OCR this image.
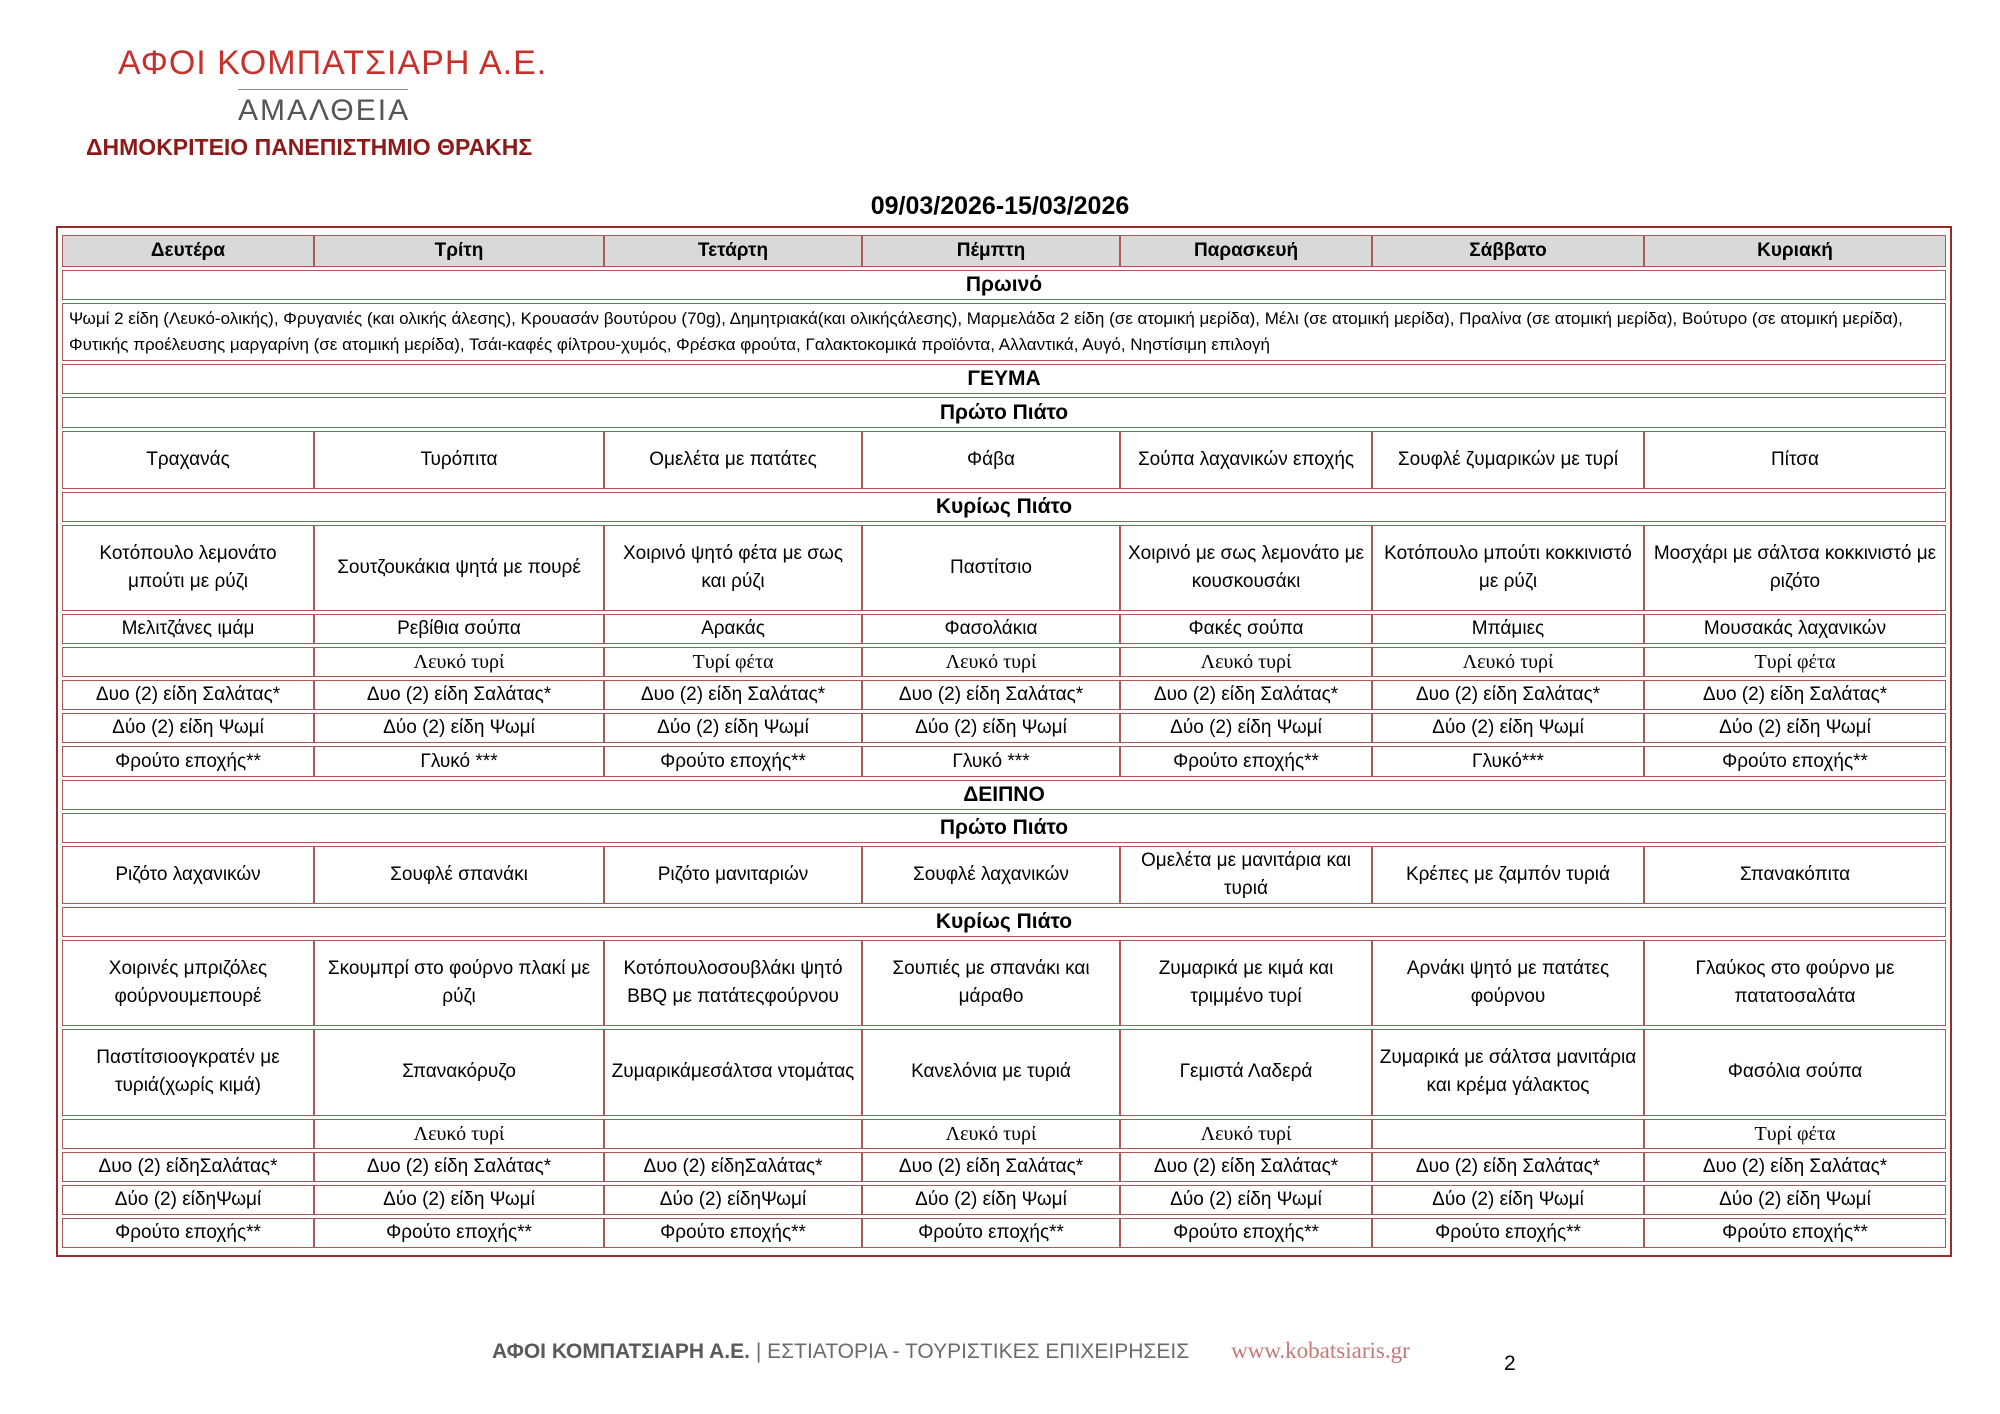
ΑΦΟΙ ΚΟΜΠΑΤΣΙΑΡΗ Α.Ε.
ΑΜΑΛΘΕΙΑ
ΔΗΜΟΚΡΙΤΕΙΟ ΠΑΝΕΠΙΣΤΗΜΙΟ ΘΡΑΚΗΣ
09/03/2026-15/03/2026
Δευτέρα	Τρίτη	Τετάρτη	Πέμπτη	Παρασκευή	Σάββατο	Κυριακή
Πρωινό						
Ψωμί 2 είδη (Λευκό-ολικής), Φρυγανιές (και ολικής άλεσης), Κρουασάν βουτύρου (70g), Δημητριακά(και ολικήςάλεσης), Μαρμελάδα 2 είδη (σε ατομική μερίδα), Μέλι (σε ατομική μερίδα), Πραλίνα (σε ατομική μερίδα), Βούτυρο (σε ατομική μερίδα), Φυτικής προέλευσης μαργαρίνη (σε ατομική μερίδα), Τσάι-καφές φίλτρου-χυμός, Φρέσκα φρούτα, Γαλακτοκομικά προϊόντα, Αλλαντικά, Αυγό, Νηστίσιμη επιλογή						
ΓΕΥΜΑ						
Πρώτο Πιάτο						
Τραχανάς	Τυρόπιτα	Ομελέτα με πατάτες	Φάβα	Σούπα λαχανικών εποχής	Σουφλέ ζυμαρικών με τυρί	Πίτσα
Κυρίως Πιάτο						
Κοτόπουλο λεμονάτο μπούτι με ρύζι	Σουτζουκάκια ψητά με πουρέ	Χοιρινό ψητό φέτα με σως και ρύζι	Παστίτσιο	Χοιρινό με σως λεμονάτο με κουσκουσάκι	Κοτόπουλο μπούτι κοκκινιστό με ρύζι	Μοσχάρι με σάλτσα κοκκινιστό με ριζότο
Μελιτζάνες ιμάμ	Ρεβίθια σούπα	Αρακάς	Φασολάκια	Φακές σούπα	Μπάμιες	Μουσακάς λαχανικών
	Λευκό τυρί	Τυρί φέτα	Λευκό τυρί	Λευκό τυρί	Λευκό τυρί	Τυρί φέτα
Δυο (2) είδη Σαλάτας*	Δυο (2) είδη Σαλάτας*	Δυο (2) είδη Σαλάτας*	Δυο (2) είδη Σαλάτας*	Δυο (2) είδη Σαλάτας*	Δυο (2) είδη Σαλάτας*	Δυο (2) είδη Σαλάτας*
Δύο (2) είδη Ψωμί	Δύο (2) είδη Ψωμί	Δύο (2) είδη Ψωμί	Δύο (2) είδη Ψωμί	Δύο (2) είδη Ψωμί	Δύο (2) είδη Ψωμί	Δύο (2) είδη Ψωμί
Φρούτο εποχής**	Γλυκό ***	Φρούτο εποχής**	Γλυκό ***	Φρούτο εποχής**	Γλυκό***	Φρούτο εποχής**
ΔΕΙΠΝΟ						
Πρώτο Πιάτο						
Ριζότο λαχανικών	Σουφλέ σπανάκι	Ριζότο μανιταριών	Σουφλέ λαχανικών	Ομελέτα με μανιτάρια και τυριά	Κρέπες με ζαμπόν τυριά	Σπανακόπιτα
Κυρίως Πιάτο						
Χοιρινές μπριζόλες φούρνουμεπουρέ	Σκουμπρί στο φούρνο πλακί με ρύζι	Κοτόπουλοσουβλάκι ψητό BBQ με πατάτεςφούρνου	Σουπιές με σπανάκι και μάραθο	Ζυμαρικά με κιμά και τριμμένο τυρί	Αρνάκι ψητό με πατάτες φούρνου	Γλαύκος στο φούρνο με πατατοσαλάτα
Παστίτσιοογκρατέν με τυριά(χωρίς κιμά)	Σπανακόρυζο	Ζυμαρικάμεσάλτσα ντομάτας	Κανελόνια με τυριά	Γεμιστά Λαδερά	Ζυμαρικά με σάλτσα μανιτάρια και κρέμα γάλακτος	Φασόλια σούπα
	Λευκό τυρί		Λευκό τυρί	Λευκό τυρί		Τυρί φέτα
Δυο (2) είδηΣαλάτας*	Δυο (2) είδη Σαλάτας*	Δυο (2) είδηΣαλάτας*	Δυο (2) είδη Σαλάτας*	Δυο (2) είδη Σαλάτας*	Δυο (2) είδη Σαλάτας*	Δυο (2) είδη Σαλάτας*
Δύο (2) είδηΨωμί	Δύο (2) είδη Ψωμί	Δύο (2) είδηΨωμί	Δύο (2) είδη Ψωμί	Δύο (2) είδη Ψωμί	Δύο (2) είδη Ψωμί	Δύο (2) είδη Ψωμί
Φρούτο εποχής**	Φρούτο εποχής**	Φρούτο εποχής**	Φρούτο εποχής**	Φρούτο εποχής**	Φρούτο εποχής**	Φρούτο εποχής**
ΑΦΟΙ ΚΟΜΠΑΤΣΙΑΡΗ Α.Ε. | ΕΣΤΙΑΤΟΡΙΑ - ΤΟΥΡΙΣΤΙΚΕΣ ΕΠΙΧΕΙΡΗΣΕΙΣ www.kobatsiaris.gr
2
